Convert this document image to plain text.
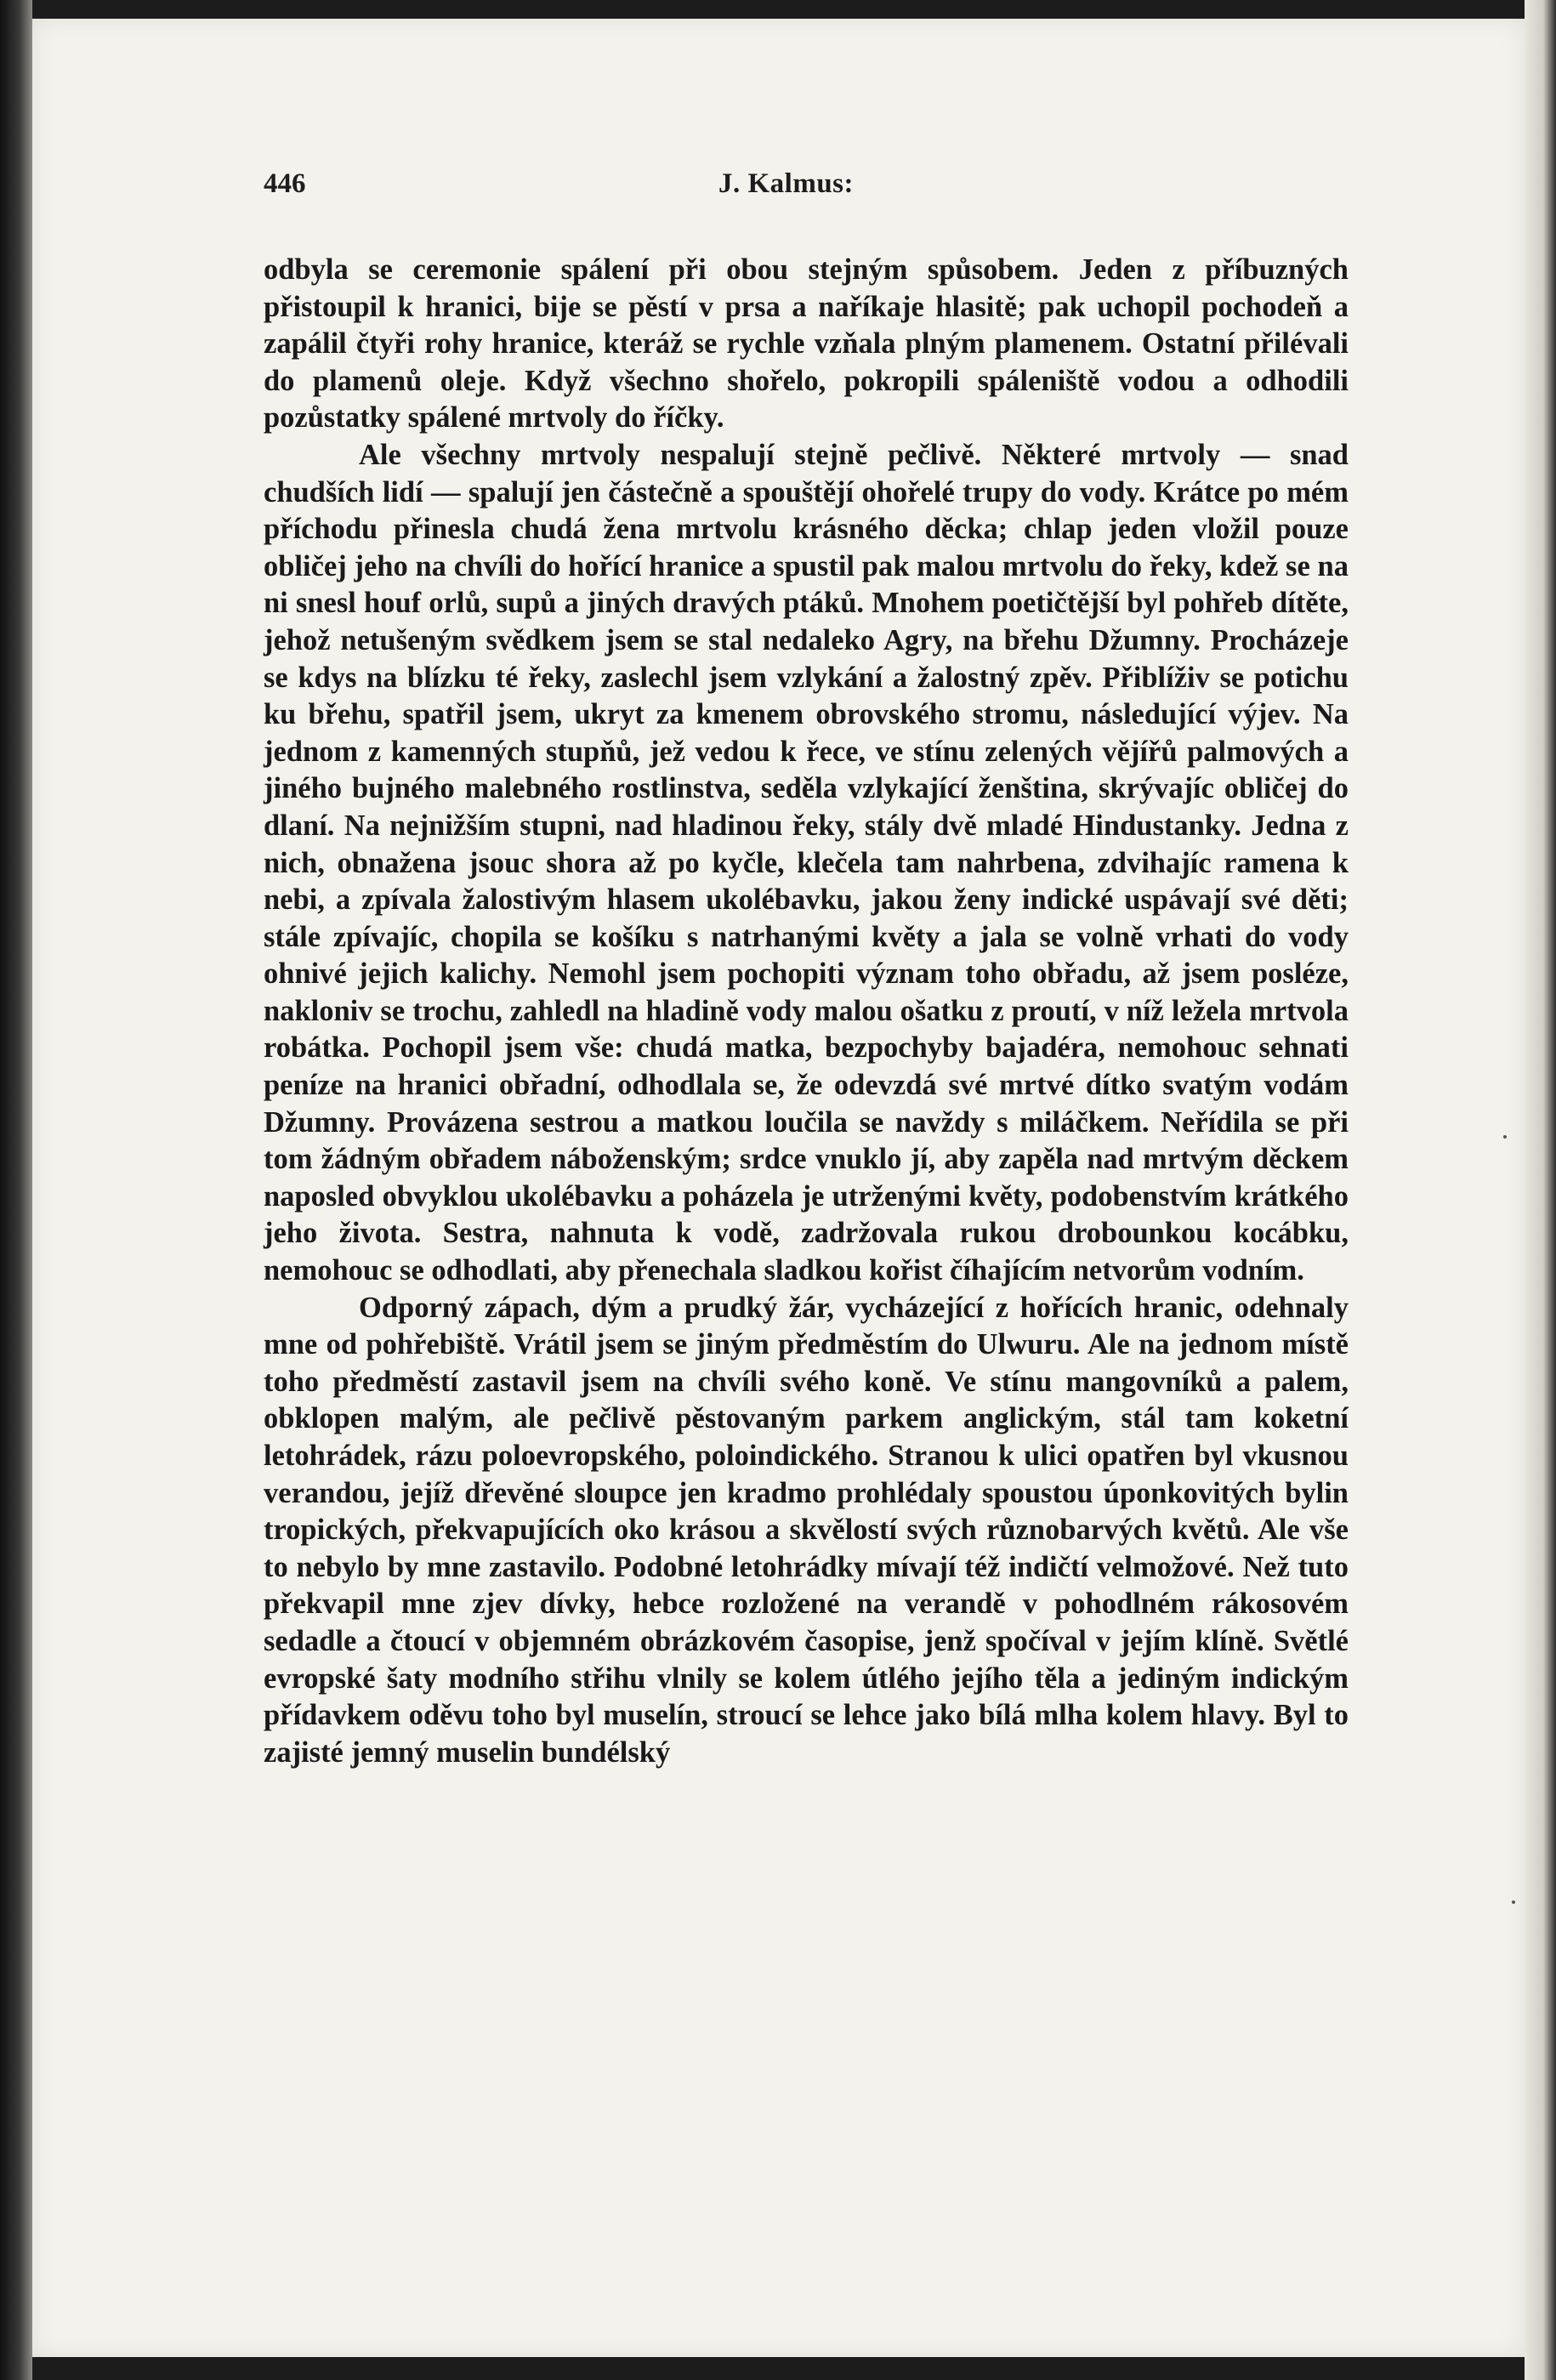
446	J. Kalmus:

odbyla se ceremonie spálení při obou stejným spůsobem. Jeden z příbuzných přistoupil k hranici, bije se pěstí v prsa a naříkaje hlasitě; pak uchopil pochodeň a zapálil čtyři rohy hranice, kteráž se rychle vzňala plným plamenem. Ostatní přilévali do plamenů oleje. Když všechno shořelo, pokropili spáleniště vodou a odhodili pozůstatky spálené mrtvoly do říčky.

Ale všechny mrtvoly nespalují stejně pečlivě. Některé mrtvoly — snad chudších lidí — spalují jen částečně a spouštějí ohořelé trupy do vody. Krátce po mém příchodu přinesla chudá žena mrtvolu krásného děcka; chlap jeden vložil pouze obličej jeho na chvíli do hořící hranice a spustil pak malou mrtvolu do řeky, kdež se na ni snesl houf orlů, supů a jiných dravých ptáků. Mnohem poetičtější byl pohřeb dítěte, jehož netušeným svědkem jsem se stal nedaleko Agry, na břehu Džumny. Procházeje se kdys na blízku té řeky, zaslechl jsem vzlykání a žalostný zpěv. Přiblíživ se potichu ku břehu, spatřil jsem, ukryt za kmenem obrovského stromu, následující výjev. Na jednom z kamenných stupňů, jež vedou k řece, ve stínu zelených vějířů palmových a jiného bujného malebného rostlinstva, seděla vzlykající ženština, skrývajíc obličej do dlaní. Na nejnižším stupni, nad hladinou řeky, stály dvě mladé Hindustanky. Jedna z nich, obnažena jsouc shora až po kyčle, klečela tam nahrbena, zdvihajíc ramena k nebi, a zpívala žalostivým hlasem ukolébavku, jakou ženy indické uspávají své děti; stále zpívajíc, chopila se košíku s natrhanými květy a jala se volně vrhati do vody ohnivé jejich kalichy. Nemohl jsem pochopiti význam toho obřadu, až jsem posléze, nakloniv se trochu, zahledl na hladině vody malou ošatku z proutí, v níž ležela mrtvola robátka. Pochopil jsem vše: chudá matka, bezpochyby bajadéra, nemohouc sehnati peníze na hranici obřadní, odhodlala se, že odevzdá své mrtvé dítko svatým vodám Džumny. Provázena sestrou a matkou loučila se navždy s miláčkem. Neřídila se při tom žádným obřadem náboženským; srdce vnuklo jí, aby zapěla nad mrtvým děckem naposled obvyklou ukolébavku a poházela je utrženými květy, podobenstvím krátkého jeho života. Sestra, nahnuta k vodě, zadržovala rukou drobounkou kocábku, nemohouc se odhodlati, aby přenechala sladkou kořist číhajícím netvorům vodním.

Odporný zápach, dým a prudký žár, vycházející z hořících hranic, odehnaly mne od pohřebiště. Vrátil jsem se jiným předměstím do Ulwuru. Ale na jednom místě toho předměstí zastavil jsem na chvíli svého koně. Ve stínu mangovníků a palem, obklopen malým, ale pečlivě pěstovaným parkem anglickým, stál tam koketní letohrádek, rázu poloevropského, poloindického. Stranou k ulici opatřen byl vkusnou verandou, jejíž dřevěné sloupce jen kradmo prohlédaly spoustou úponkovitých bylin tropických, překvapujících oko krásou a skvělostí svých různobarvých květů. Ale vše to nebylo by mne zastavilo. Podobné letohrádky mívají též indičtí velmožové. Než tuto překvapil mne zjev dívky, hebce rozložené na verandě v pohodlném rákosovém sedadle a čtoucí v objemném obrázkovém časopise, jenž spočíval v jejím klíně. Světlé evropské šaty modního střihu vlnily se kolem útlého jejího těla a jediným indickým přídavkem oděvu toho byl muselín, stroucí se lehce jako bílá mlha kolem hlavy. Byl to zajisté jemný muselin bundélský
